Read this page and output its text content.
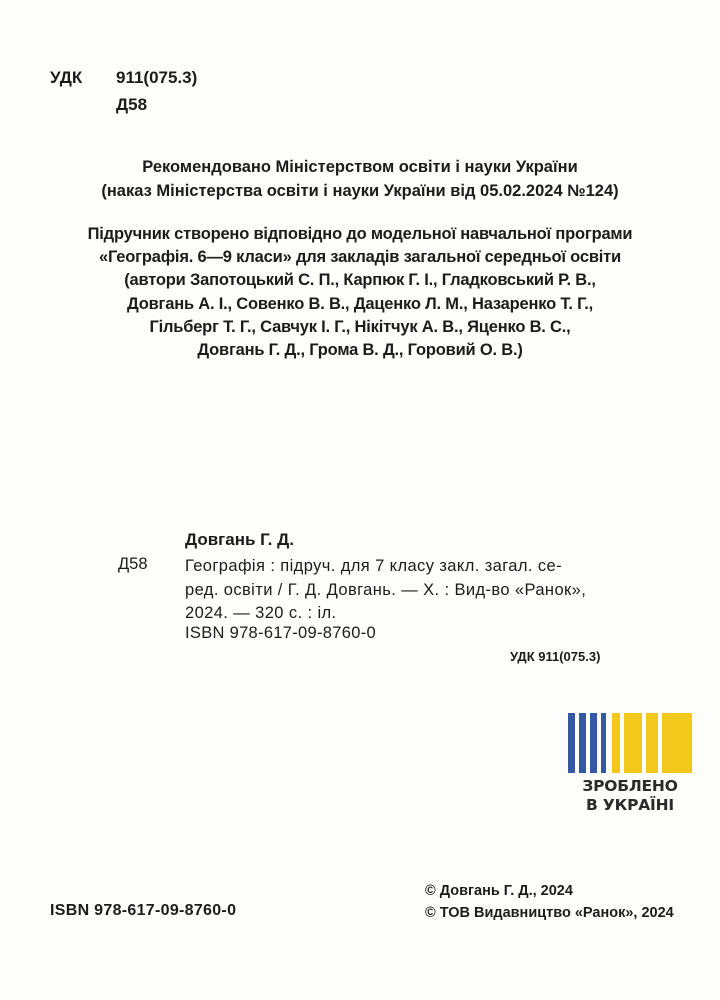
УДК 911(075.3)
Д58
Рекомендовано Міністерством освіти і науки України
(наказ Міністерства освіти і науки України від 05.02.2024 №124)
Підручник створено відповідно до модельної навчальної програми
«Географія. 6—9 класи» для закладів загальної середньої освіти
(автори Запотоцький С. П., Карпюк Г. І., Гладковський Р. В.,
Довгань А. І., Совенко В. В., Даценко Л. М., Назаренко Т. Г.,
Гільберг Т. Г., Савчук І. Г., Нікітчук А. В., Яценко В. С.,
Довгань Г. Д., Грома В. Д., Горовий О. В.)
Довгань Г. Д.
Д58 Географія : підруч. для 7 класу закл. загал. се-
ред. освіти / Г. Д. Довгань. — Х. : Вид-во «Ранок»,
2024. — 320 с. : іл.
ISBN 978-617-09-8760-0
УДК 911(075.3)
ЗРОБЛЕНО
В УКРАЇНІ
© Довгань Г. Д., 2024
© ТОВ Видавництво «Ранок», 2024
ISBN 978-617-09-8760-0
